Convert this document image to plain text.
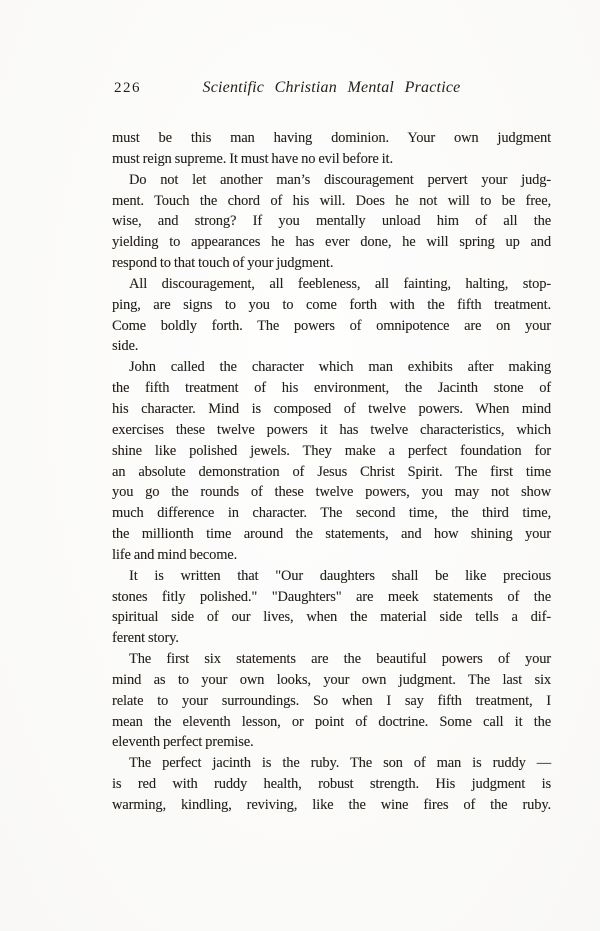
226	Scientific Christian Mental Practice
must be this man having dominion. Your own judgment
must reign supreme. It must have no evil before it.
Do not let another man’s discouragement pervert your judg-
ment. Touch the chord of his will. Does he not will to be free,
wise, and strong? If you mentally unload him of all the
yielding to appearances he has ever done, he will spring up and
respond to that touch of your judgment.
All discouragement, all feebleness, all fainting, halting, stop-
ping, are signs to you to come forth with the fifth treatment.
Come boldly forth. The powers of omnipotence are on your
side.
John called the character which man exhibits after making
the fifth treatment of his environment, the Jacinth stone of
his character. Mind is composed of twelve powers. When mind
exercises these twelve powers it has twelve characteristics, which
shine like polished jewels. They make a perfect foundation for
an absolute demonstration of Jesus Christ Spirit. The first time
you go the rounds of these twelve powers, you may not show
much difference in character. The second time, the third time,
the millionth time around the statements, and how shining your
life and mind become.
It is written that "Our daughters shall be like precious
stones fitly polished." "Daughters" are meek statements of the
spiritual side of our lives, when the material side tells a dif-
ferent story.
The first six statements are the beautiful powers of your
mind as to your own looks, your own judgment. The last six
relate to your surroundings. So when I say fifth treatment, I
mean the eleventh lesson, or point of doctrine. Some call it the
eleventh perfect premise.
The perfect jacinth is the ruby. The son of man is ruddy —
is red with ruddy health, robust strength. His judgment is
warming, kindling, reviving, like the wine fires of the ruby.
